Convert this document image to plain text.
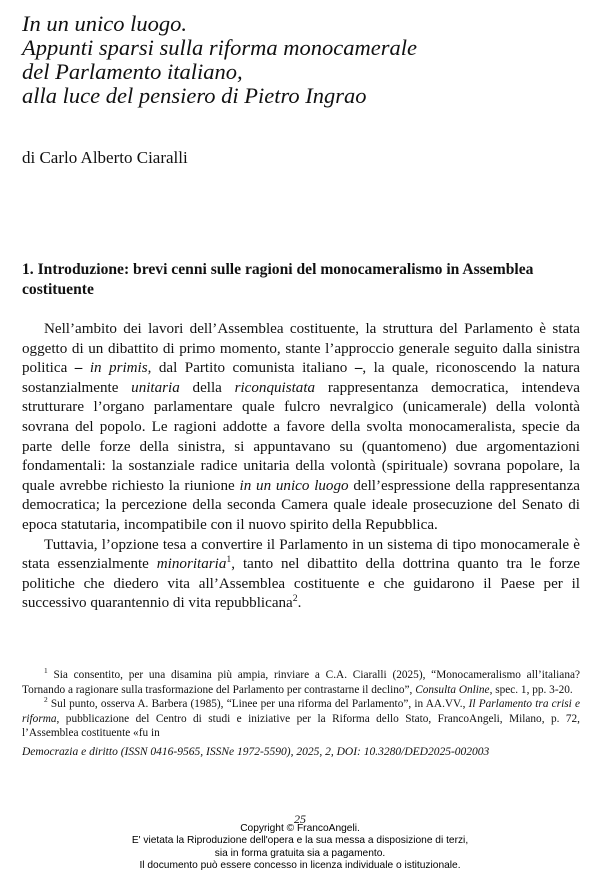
In un unico luogo.
Appunti sparsi sulla riforma monocamerale
del Parlamento italiano,
alla luce del pensiero di Pietro Ingrao

di Carlo Alberto Ciaralli

1. Introduzione: brevi cenni sulle ragioni del monocameralismo in Assemblea costituente

Nell’ambito dei lavori dell’Assemblea costituente, la struttura del Parlamento è stata oggetto di un dibattito di primo momento, stante l’approccio generale seguito dalla sinistra politica – in primis, dal Partito comunista italiano –, la quale, riconoscendo la natura sostanzialmente unitaria della riconquistata rappresentanza democratica, intendeva strutturare l’organo parlamentare quale fulcro nevralgico (unicamerale) della volontà sovrana del popolo. Le ragioni addotte a favore della svolta monocameralista, specie da parte delle forze della sinistra, si appuntavano su (quantomeno) due argomentazioni fondamentali: la sostanziale radice unitaria della volontà (spirituale) sovrana popolare, la quale avrebbe richiesto la riunione in un unico luogo dell’espressione della rappresentanza democratica; la percezione della seconda Camera quale ideale prosecuzione del Senato di epoca statutaria, incompatibile con il nuovo spirito della Repubblica.

Tuttavia, l’opzione tesa a convertire il Parlamento in un sistema di tipo monocamerale è stata essenzialmente minoritaria$^1$, tanto nel dibattito della dottrina quanto tra le forze politiche che diedero vita all’Assemblea costituente e che guidarono il Paese per il successivo quarantennio di vita repubblicana$^2$.

$^1$ Sia consentito, per una disamina più ampia, rinviare a C.A. Ciaralli (2025), “Monocameralismo all’italiana? Tornando a ragionare sulla trasformazione del Parlamento per contrastarne il declino”, Consulta Online, spec. 1, pp. 3-20.

$^2$ Sul punto, osserva A. Barbera (1985), “Linee per una riforma del Parlamento”, in AA.VV., Il Parlamento tra crisi e riforma, pubblicazione del Centro di studi e iniziative per la Riforma dello Stato, FrancoAngeli, Milano, p. 72, l’Assemblea costituente «fu in

Democrazia e diritto (ISSN 0416-9565, ISSNe 1972-5590), 2025, 2, DOI: 10.3280/DED2025-002003
25
Copyright © FrancoAngeli.
E' vietata la Riproduzione dell'opera e la sua messa a disposizione di terzi,
sia in forma gratuita sia a pagamento.
Il documento può essere concesso in licenza individuale o istituzionale.
